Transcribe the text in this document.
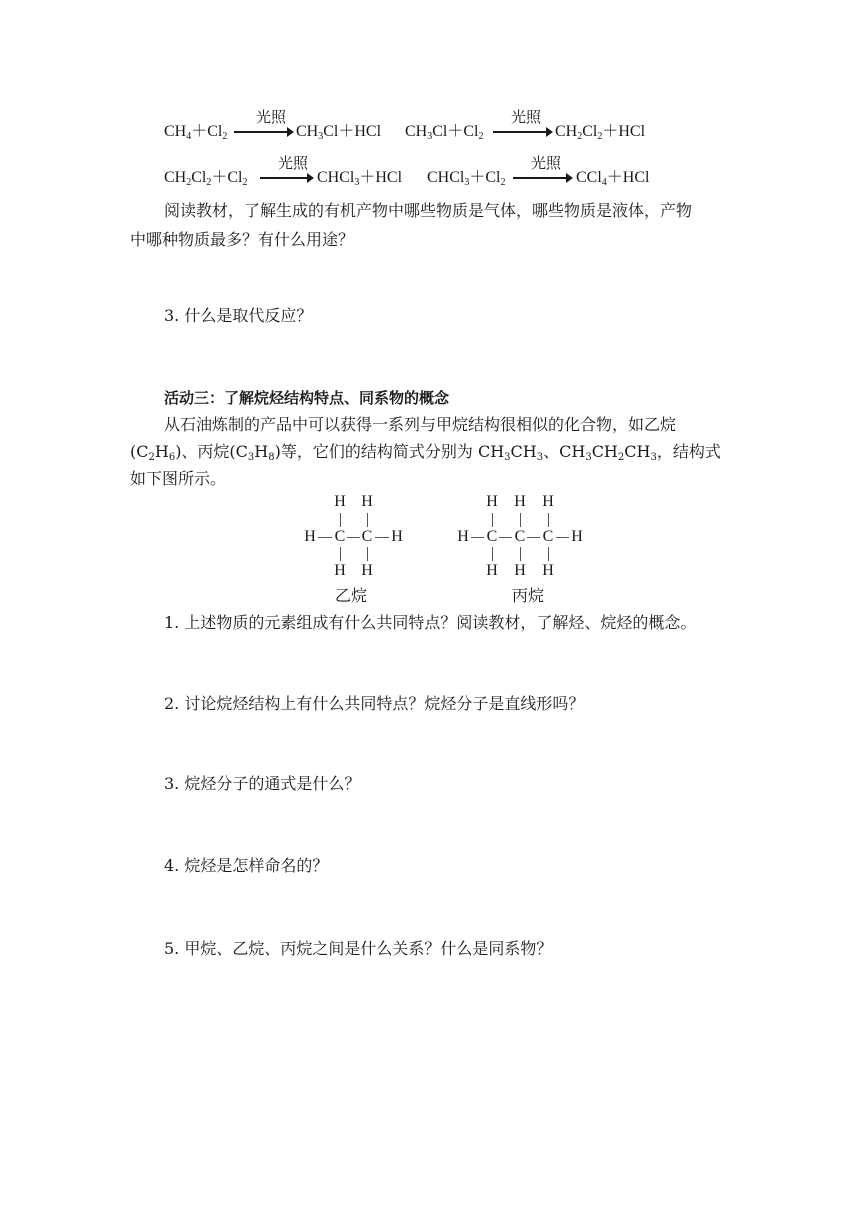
$CH_4+Cl_2$
光照
→ $CH_3Cl+HCl$ $CH_3Cl+Cl_2$
光照
→ $CH_2Cl_2+HCl$
$CH_2Cl_2+Cl_2$
光照
→ CHCl$_3$＋HCl $CHCl_3+Cl_2$
光照
→ CCl$_4$＋HCl
阅读教材，了解生成的有机产物中哪些物质是气体，哪些物质是液体，产物
中哪种物质最多？有什么用途？
3. 什么是取代反应？
活动三：了解烷烃结构特点、同系物的概念
从石油炼制的产品中可以获得一系列与甲烷结构很相似的化合物，如乙烷
$(C_2H_6)$、丙烷$(C_3H_8)$等，它们的结构简式分别为 $CH_3CH_3$、$CH_3CH_2CH_3$，结构式
如下图所示。
H H
H C C H
H H
乙烷
H H H
H C C C H
H H H
丙烷
1. 上述物质的元素组成有什么共同特点？阅读教材，了解烃、烷烃的概念。
2. 讨论烷烃结构上有什么共同特点？烷烃分子是直线形吗？
3. 烷烃分子的通式是什么？
4. 烷烃是怎样命名的？
5. 甲烷、乙烷、丙烷之间是什么关系？什么是同系物？
